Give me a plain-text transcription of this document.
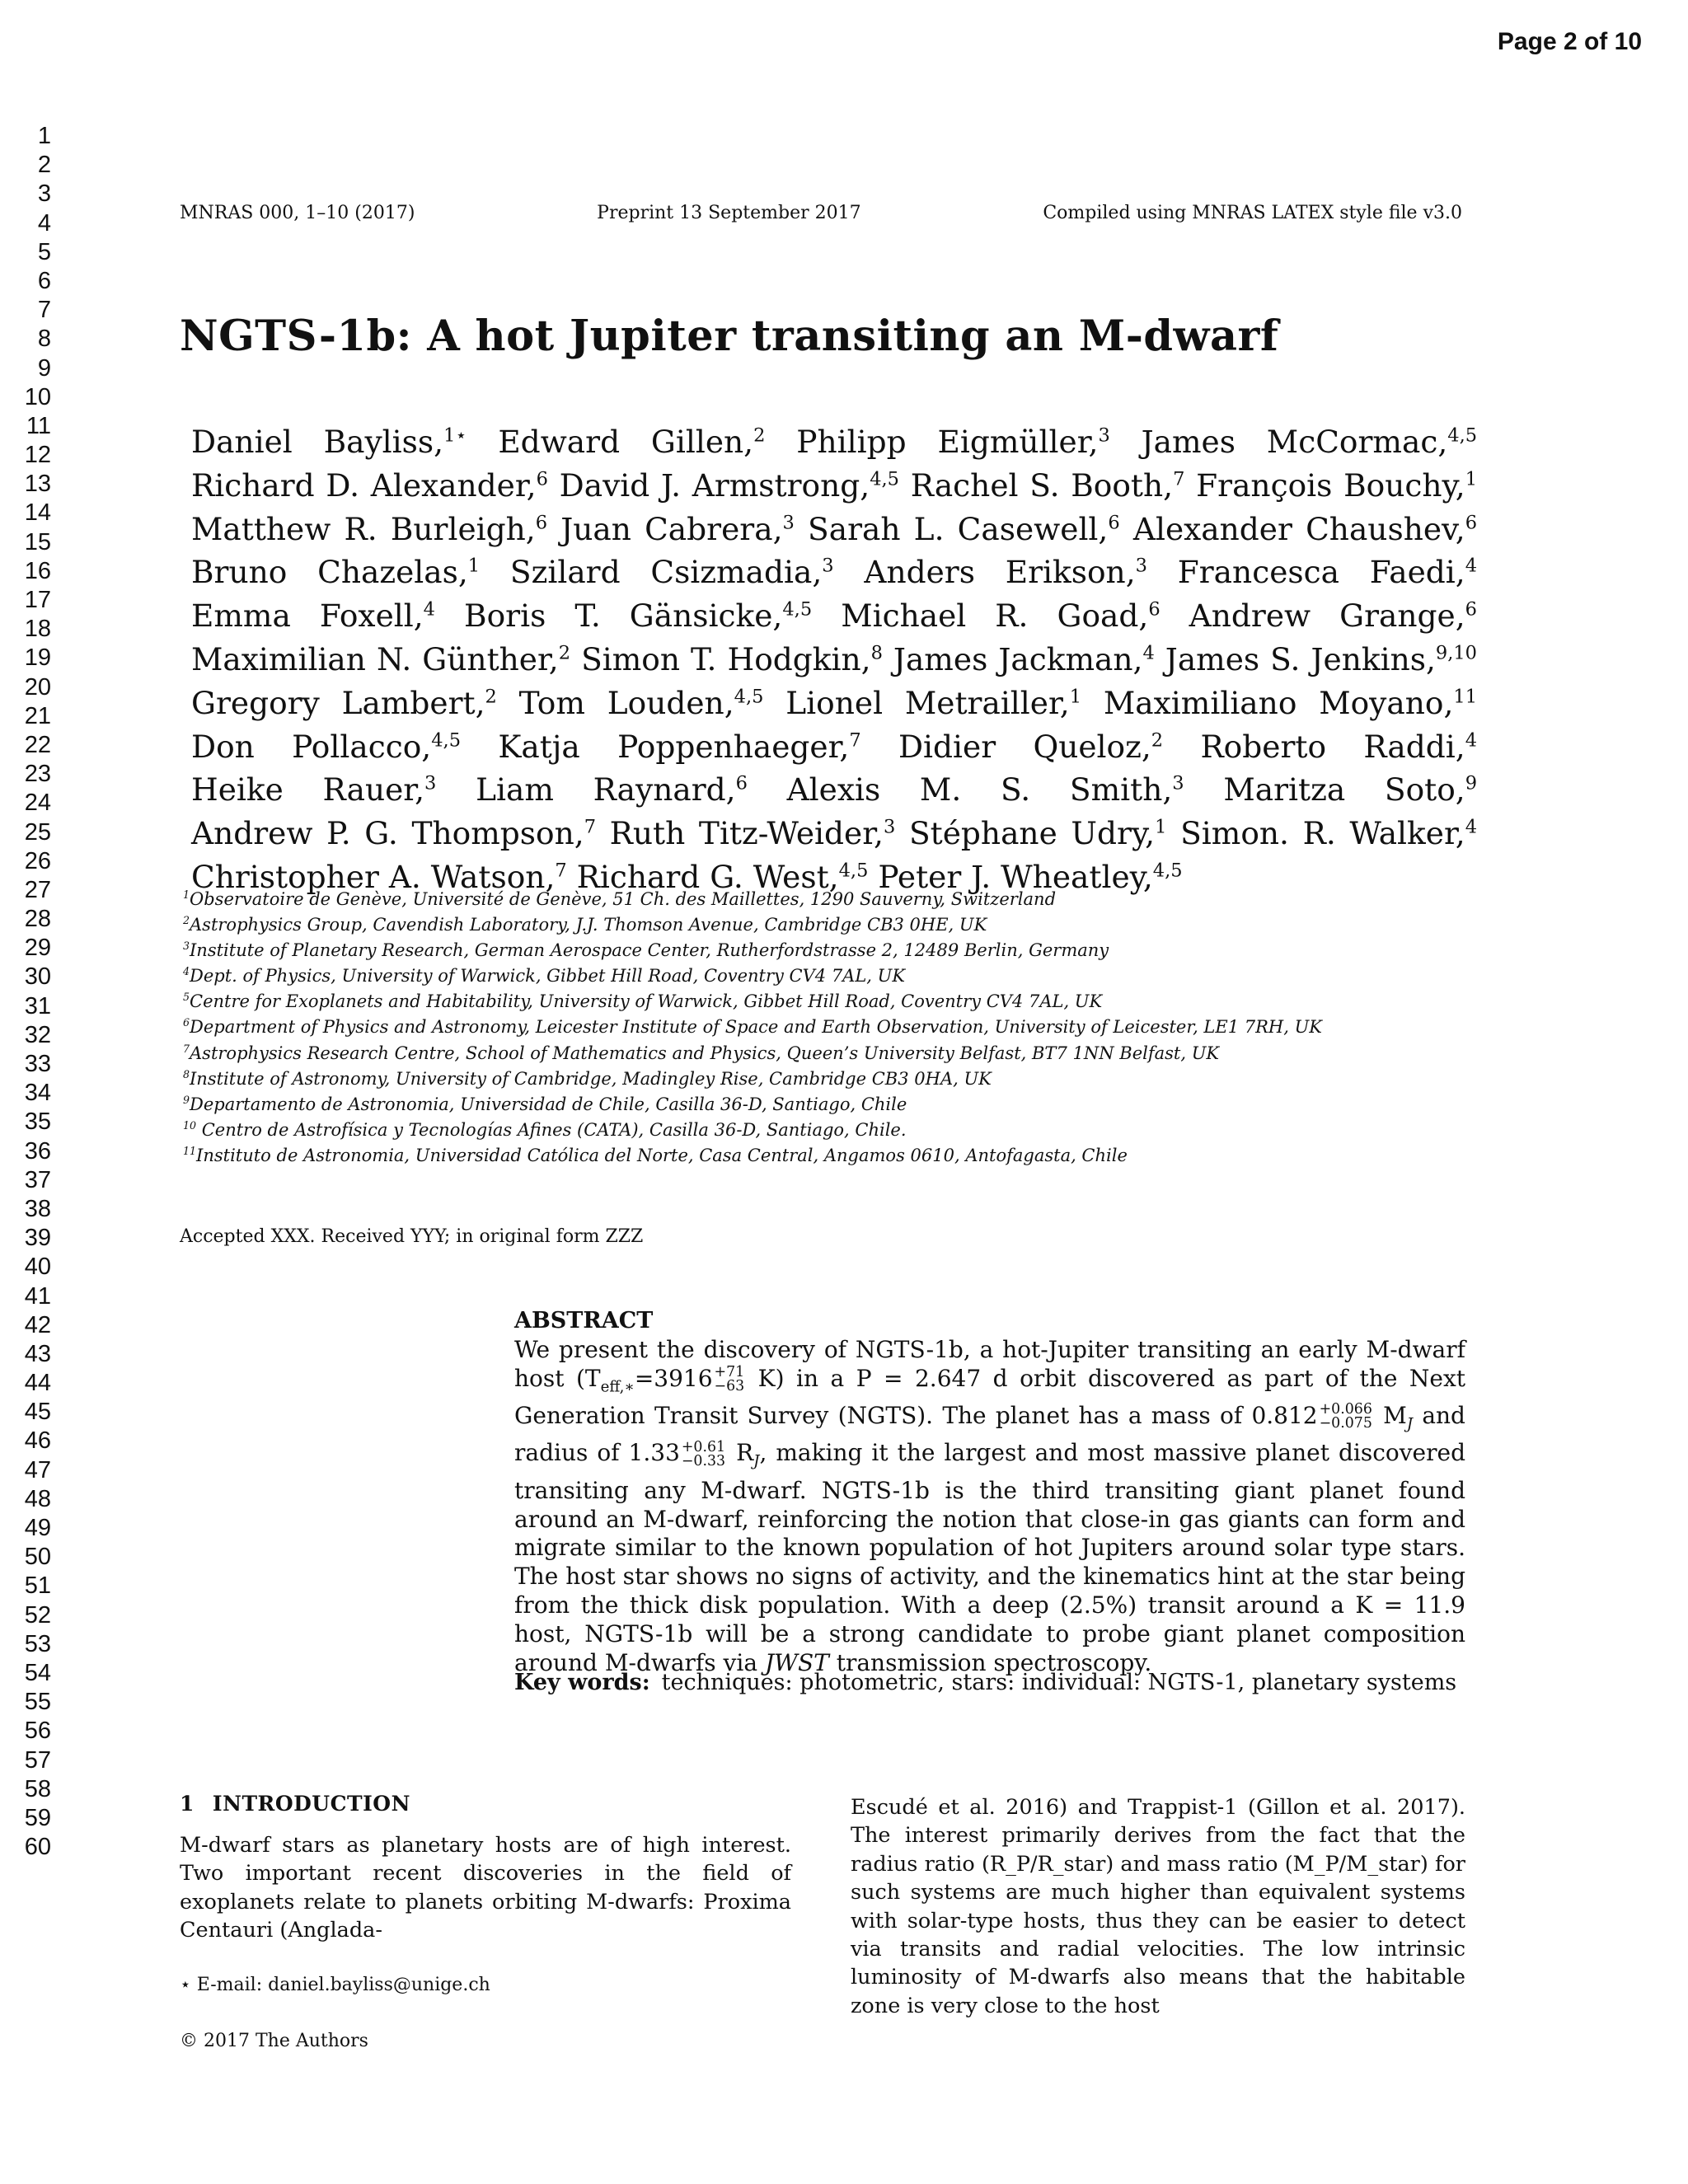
Page 2 of 10
1
2
3
4
5
6
7
8
9
10
11
12
13
14
15
16
17
18
19
20
21
22
23
24
25
26
27
28
29
30
31
32
33
34
35
36
37
38
39
40
41
42
43
44
45
46
47
48
49
50
51
52
53
54
55
56
57
58
59
60
MNRAS 000, 1–10 (2017)	Preprint 13 September 2017	Compiled using MNRAS LATEX style file v3.0
NGTS-1b: A hot Jupiter transiting an M-dwarf
Daniel Bayliss,$^{1⋆}$ Edward Gillen,$^2$ Philipp Eigmüller,$^3$ James McCormac,$^{4,5}$ Richard D. Alexander,$^6$ David J. Armstrong,$^{4,5}$ Rachel S. Booth,$^7$ François Bouchy,$^1$ Matthew R. Burleigh,$^6$ Juan Cabrera,$^3$ Sarah L. Casewell,$^6$ Alexander Chaushev,$^6$ Bruno Chazelas,$^1$ Szilard Csizmadia,$^3$ Anders Erikson,$^3$ Francesca Faedi,$^4$ Emma Foxell,$^4$ Boris T. Gänsicke,$^{4,5}$ Michael R. Goad,$^6$ Andrew Grange,$^6$ Maximilian N. Günther,$^2$ Simon T. Hodgkin,$^8$ James Jackman,$^4$ James S. Jenkins,$^{9,10}$ Gregory Lambert,$^2$ Tom Louden,$^{4,5}$ Lionel Metrailler,$^1$ Maximiliano Moyano,$^{11}$ Don Pollacco,$^{4,5}$ Katja Poppenhaeger,$^7$ Didier Queloz,$^2$ Roberto Raddi,$^4$ Heike Rauer,$^3$ Liam Raynard,$^6$ Alexis M. S. Smith,$^3$ Maritza Soto,$^9$ Andrew P. G. Thompson,$^7$ Ruth Titz-Weider,$^3$ Stéphane Udry,$^1$ Simon. R. Walker,$^4$ Christopher A. Watson,$^7$ Richard G. West,$^{4,5}$ Peter J. Wheatley,$^{4,5}$
$^1$Observatoire de Genève, Université de Genève, 51 Ch. des Maillettes, 1290 Sauverny, Switzerland
$^2$Astrophysics Group, Cavendish Laboratory, J.J. Thomson Avenue, Cambridge CB3 0HE, UK
$^3$Institute of Planetary Research, German Aerospace Center, Rutherfordstrasse 2, 12489 Berlin, Germany
$^4$Dept. of Physics, University of Warwick, Gibbet Hill Road, Coventry CV4 7AL, UK
$^5$Centre for Exoplanets and Habitability, University of Warwick, Gibbet Hill Road, Coventry CV4 7AL, UK
$^6$Department of Physics and Astronomy, Leicester Institute of Space and Earth Observation, University of Leicester, LE1 7RH, UK
$^7$Astrophysics Research Centre, School of Mathematics and Physics, Queen’s University Belfast, BT7 1NN Belfast, UK
$^8$Institute of Astronomy, University of Cambridge, Madingley Rise, Cambridge CB3 0HA, UK
$^9$Departamento de Astronomia, Universidad de Chile, Casilla 36-D, Santiago, Chile
$^{10}$ Centro de Astrofísica y Tecnologías Afines (CATA), Casilla 36-D, Santiago, Chile.
$^{11}$Instituto de Astronomia, Universidad Católica del Norte, Casa Central, Angamos 0610, Antofagasta, Chile
Accepted XXX. Received YYY; in original form ZZZ
ABSTRACT
We present the discovery of NGTS-1b, a hot-Jupiter transiting an early M-dwarf host ($T_{eff,∗}=3916 +71$
−63 K) in a P = 2.647 d orbit discovered as part of the Next Generation Transit Survey (NGTS). The planet has a mass of 0.812 +0.066
−0.075 $M_J$ and radius of 1.33 +0.61
−0.33 $R_J$, making it the largest and most massive planet discovered transiting any M-dwarf. NGTS-1b is the third transiting giant planet found around an M-dwarf, reinforcing the notion that close-in gas giants can form and migrate similar to the known population of hot Jupiters around solar type stars. The host star shows no signs of activity, and the kinematics hint at the star being from the thick disk population. With a deep (2.5%) transit around a K = 11.9 host, NGTS-1b will be a strong candidate to probe giant planet composition around M-dwarfs via JWST transmission spectroscopy.
Key words: techniques: photometric, stars: individual: NGTS-1, planetary systems
1 INTRODUCTION
M-dwarf stars as planetary hosts are of high interest. Two important recent discoveries in the field of exoplanets relate to planets orbiting M-dwarfs: Proxima Centauri (Anglada-
Escudé et al. 2016) and Trappist-1 (Gillon et al. 2017). The interest primarily derives from the fact that the radius ratio (R_P/R_star) and mass ratio (M_P/M_star) for such systems are much higher than equivalent systems with solar-type hosts, thus they can be easier to detect via transits and radial velocities. The low intrinsic luminosity of M-dwarfs also means that the habitable zone is very close to the host
⋆ E-mail: daniel.bayliss@unige.ch
© 2017 The Authors
